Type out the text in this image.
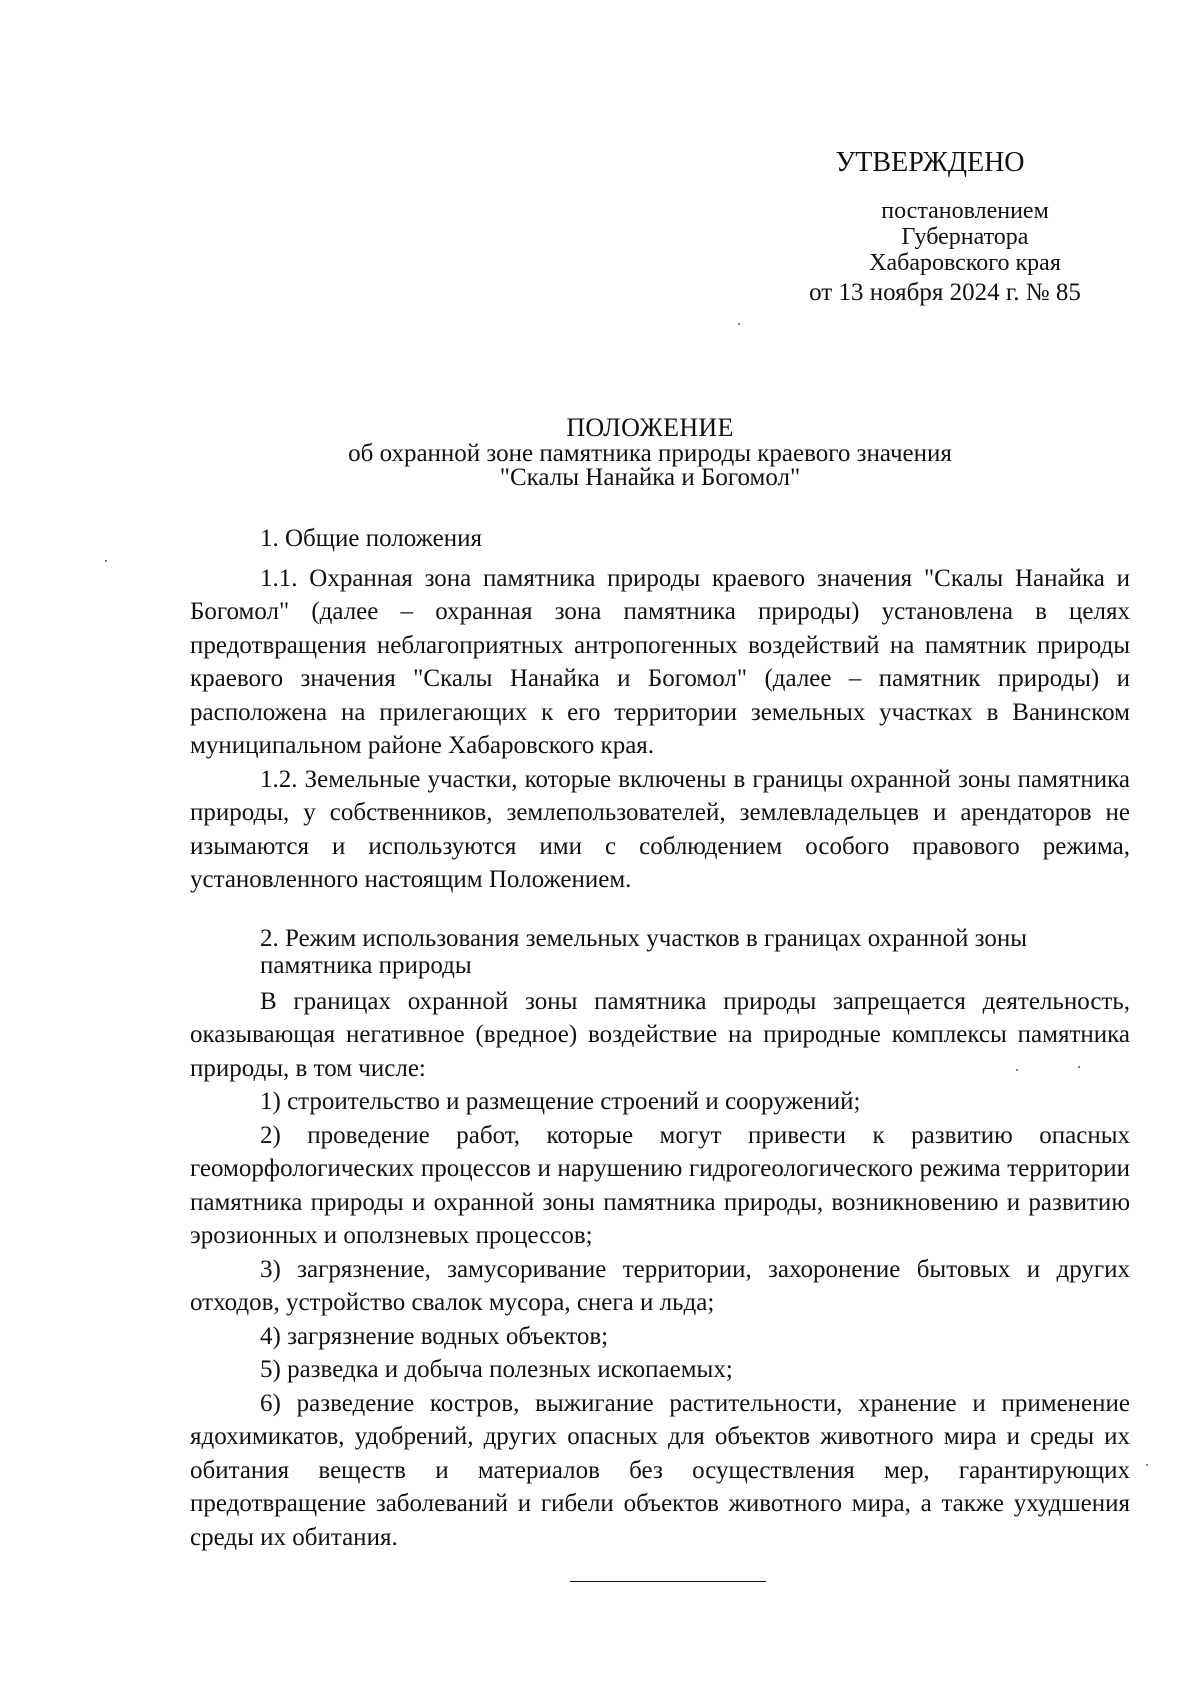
УТВЕРЖДЕНО
постановлением
Губернатора
Хабаровского края
от 13 ноября 2024 г. № 85
ПОЛОЖЕНИЕ
об охранной зоне памятника природы краевого значения
"Скалы Нанайка и Богомол"

1. Общие положения

1.1. Охранная зона памятника природы краевого значения "Скалы Нанайка и Богомол" (далее – охранная зона памятника природы) установлена в целях предотвращения неблагоприятных антропогенных воздействий на памятник природы краевого значения "Скалы Нанайка и Богомол" (далее – памятник природы) и расположена на прилегающих к его территории земельных участках в Ванинском муниципальном районе Хабаровского края.

1.2. Земельные участки, которые включены в границы охранной зоны памятника природы, у собственников, землепользователей, землевладельцев и арендаторов не изымаются и используются ими с соблюдением особого правового режима, установленного настоящим Положением.

2. Режим использования земельных участков в границах охранной зоны памятника природы

В границах охранной зоны памятника природы запрещается деятельность, оказывающая негативное (вредное) воздействие на природные комплексы памятника природы, в том числе:

1) строительство и размещение строений и сооружений;

2) проведение работ, которые могут привести к развитию опасных геоморфологических процессов и нарушению гидрогеологического режима территории памятника природы и охранной зоны памятника природы, возникновению и развитию эрозионных и оползневых процессов;

3) загрязнение, замусоривание территории, захоронение бытовых и других отходов, устройство свалок мусора, снега и льда;

4) загрязнение водных объектов;

5) разведка и добыча полезных ископаемых;

6) разведение костров, выжигание растительности, хранение и применение ядохимикатов, удобрений, других опасных для объектов животного мира и среды их обитания веществ и материалов без осуществления мер, гарантирующих предотвращение заболеваний и гибели объектов животного мира, а также ухудшения среды их обитания.
